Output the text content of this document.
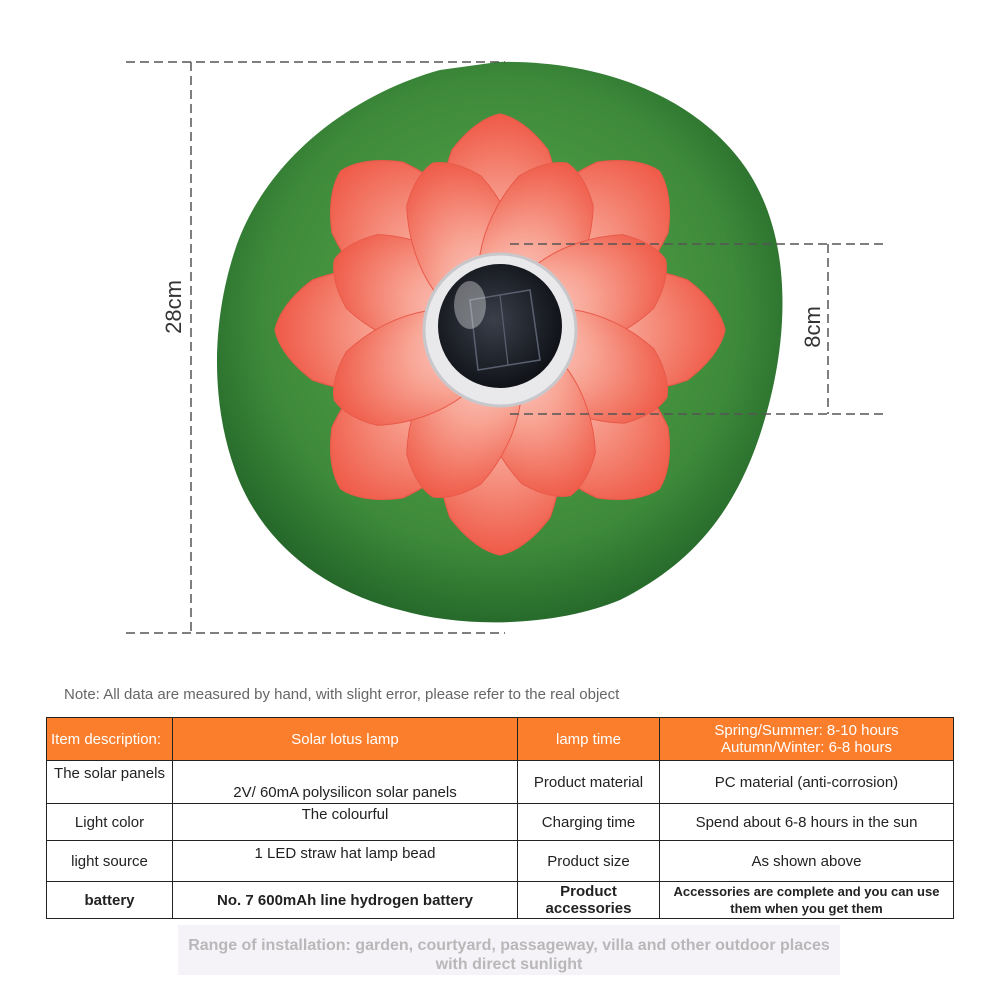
28cm	8cm
Note: All data are measured by hand, with slight error, please refer to the real object
Item description:	Solar lotus lamp	lamp time	Spring/Summer: 8-10 hours
Autumn/Winter: 6-8 hours

The solar panels	2V/ 60mA polysilicon solar panels	Product material	PC material (anti-corrosion)
Light color	The colourful	Charging time	Spend about 6-8 hours in the sun
light source	1 LED straw hat lamp bead	Product size	As shown above
battery	No. 7 600mAh line hydrogen battery	Product accessories	Accessories are complete and you can use
them when you get them
Range of installation: garden, courtyard, passageway, villa and other outdoor places
with direct sunlight
